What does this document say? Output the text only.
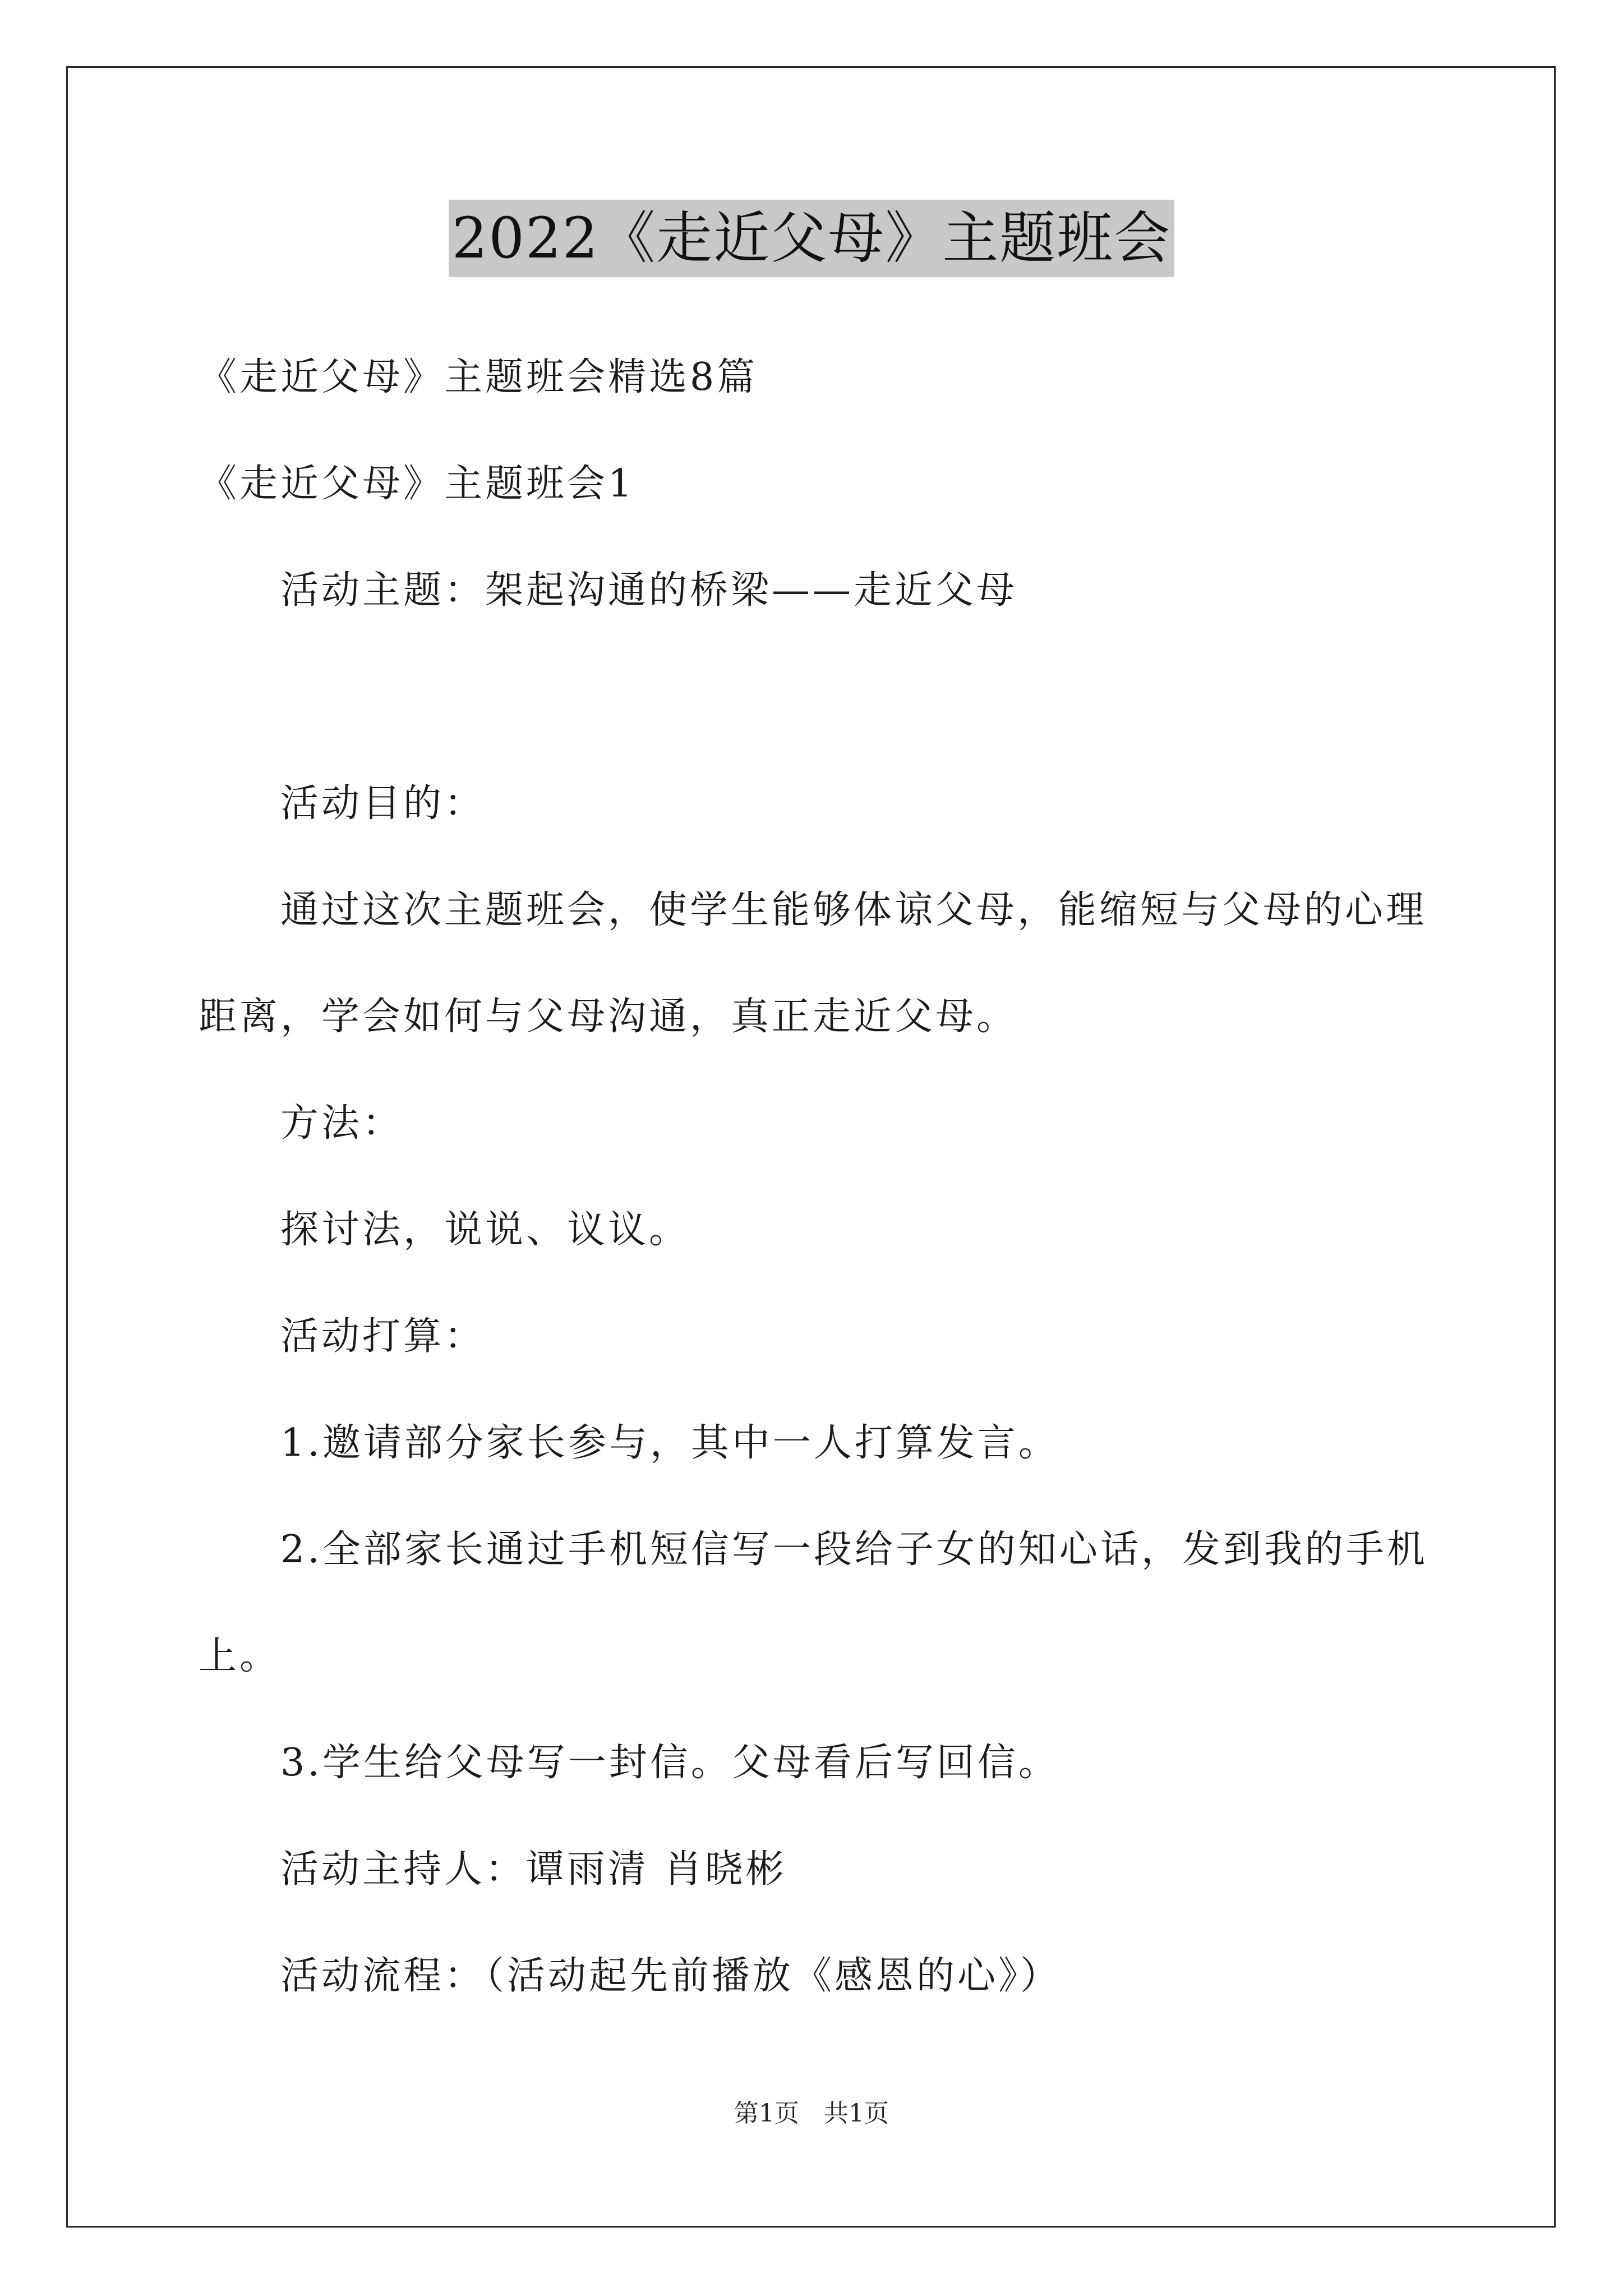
2022《走近父母》主题班会
《走近父母》主题班会精选8篇
《走近父母》主题班会1
活动主题：架起沟通的桥梁——走近父母
活动目的：
通过这次主题班会，使学生能够体谅父母，能缩短与父母的心理
距离，学会如何与父母沟通，真正走近父母。
方法：
探讨法，说说、议议。
活动打算：
1.邀请部分家长参与，其中一人打算发言。
2.全部家长通过手机短信写一段给子女的知心话，发到我的手机
上。
3.学生给父母写一封信。父母看后写回信。
活动主持人：谭雨清 肖晓彬
活动流程：（活动起先前播放《感恩的心》）
第1页　共1页
